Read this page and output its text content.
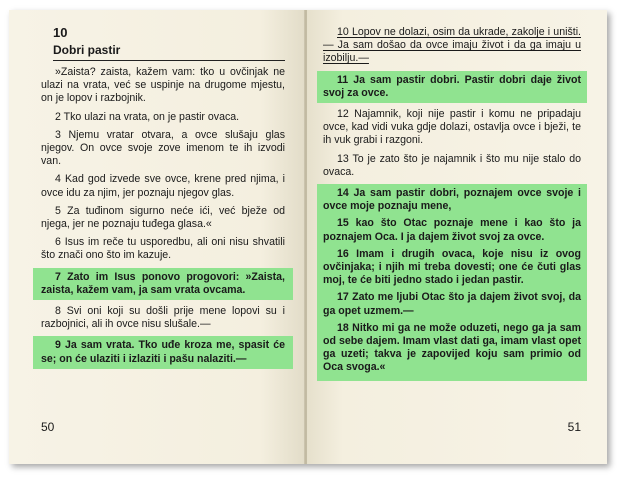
10
Dobri pastir

»Zaista? zaista, kažem vam: tko u ovčinjak ne ulazi na vrata, već se uspinje na drugome mjestu, on je lopov i razbojnik.

2 Tko ulazi na vrata, on je pastir ovaca.

3 Njemu vratar otvara, a ovce slušaju glas njegov. On ovce svoje zove imenom te ih izvodi van.

4 Kad god izvede sve ovce, krene pred njima, i ovce idu za njim, jer poznaju njegov glas.

5 Za tuđinom sigurno neće ići, već bježe od njega, jer ne poznaju tuđega glasa.«

6 Isus im reče tu usporedbu, ali oni nisu shvatili što znači ono što im kazuje.

7 Zato im Isus ponovo progovori: »Zaista, zaista, kažem vam, ja sam vrata ovcama.

8 Svi oni koji su došli prije mene lopovi su i razbojnici, ali ih ovce nisu slušale.—

9 Ja sam vrata. Tko uđe kroza me, spasit će se; on će ulaziti i izlaziti i pašu nalaziti.—

50

10 Lopov ne dolazi, osim da ukrade, zakolje i uništi. — Ja sam došao da ovce imaju život i da ga imaju u izobilju.—

11 Ja sam pastir dobri. Pastir dobri daje život svoj za ovce.

12 Najamnik, koji nije pastir i komu ne pripadaju ovce, kad vidi vuka gdje dolazi, ostavlja ovce i bježi, te ih vuk grabi i razgoni.

13 To je zato što je najamnik i što mu nije stalo do ovaca.

14 Ja sam pastir dobri, poznajem ovce svoje i ovce moje poznaju mene,

15 kao što Otac poznaje mene i kao što ja poznajem Oca. I ja dajem život svoj za ovce.

16 Imam i drugih ovaca, koje nisu iz ovog ovčinjaka; i njih mi treba dovesti; one će čuti glas moj, te će biti jedno stado i jedan pastir.

17 Zato me ljubi Otac što ja dajem život svoj, da ga opet uzmem.—

18 Nitko mi ga ne može oduzeti, nego ga ja sam od sebe dajem. Imam vlast dati ga, imam vlast opet ga uzeti; takva je zapovijed koju sam primio od Oca svoga.«

51
